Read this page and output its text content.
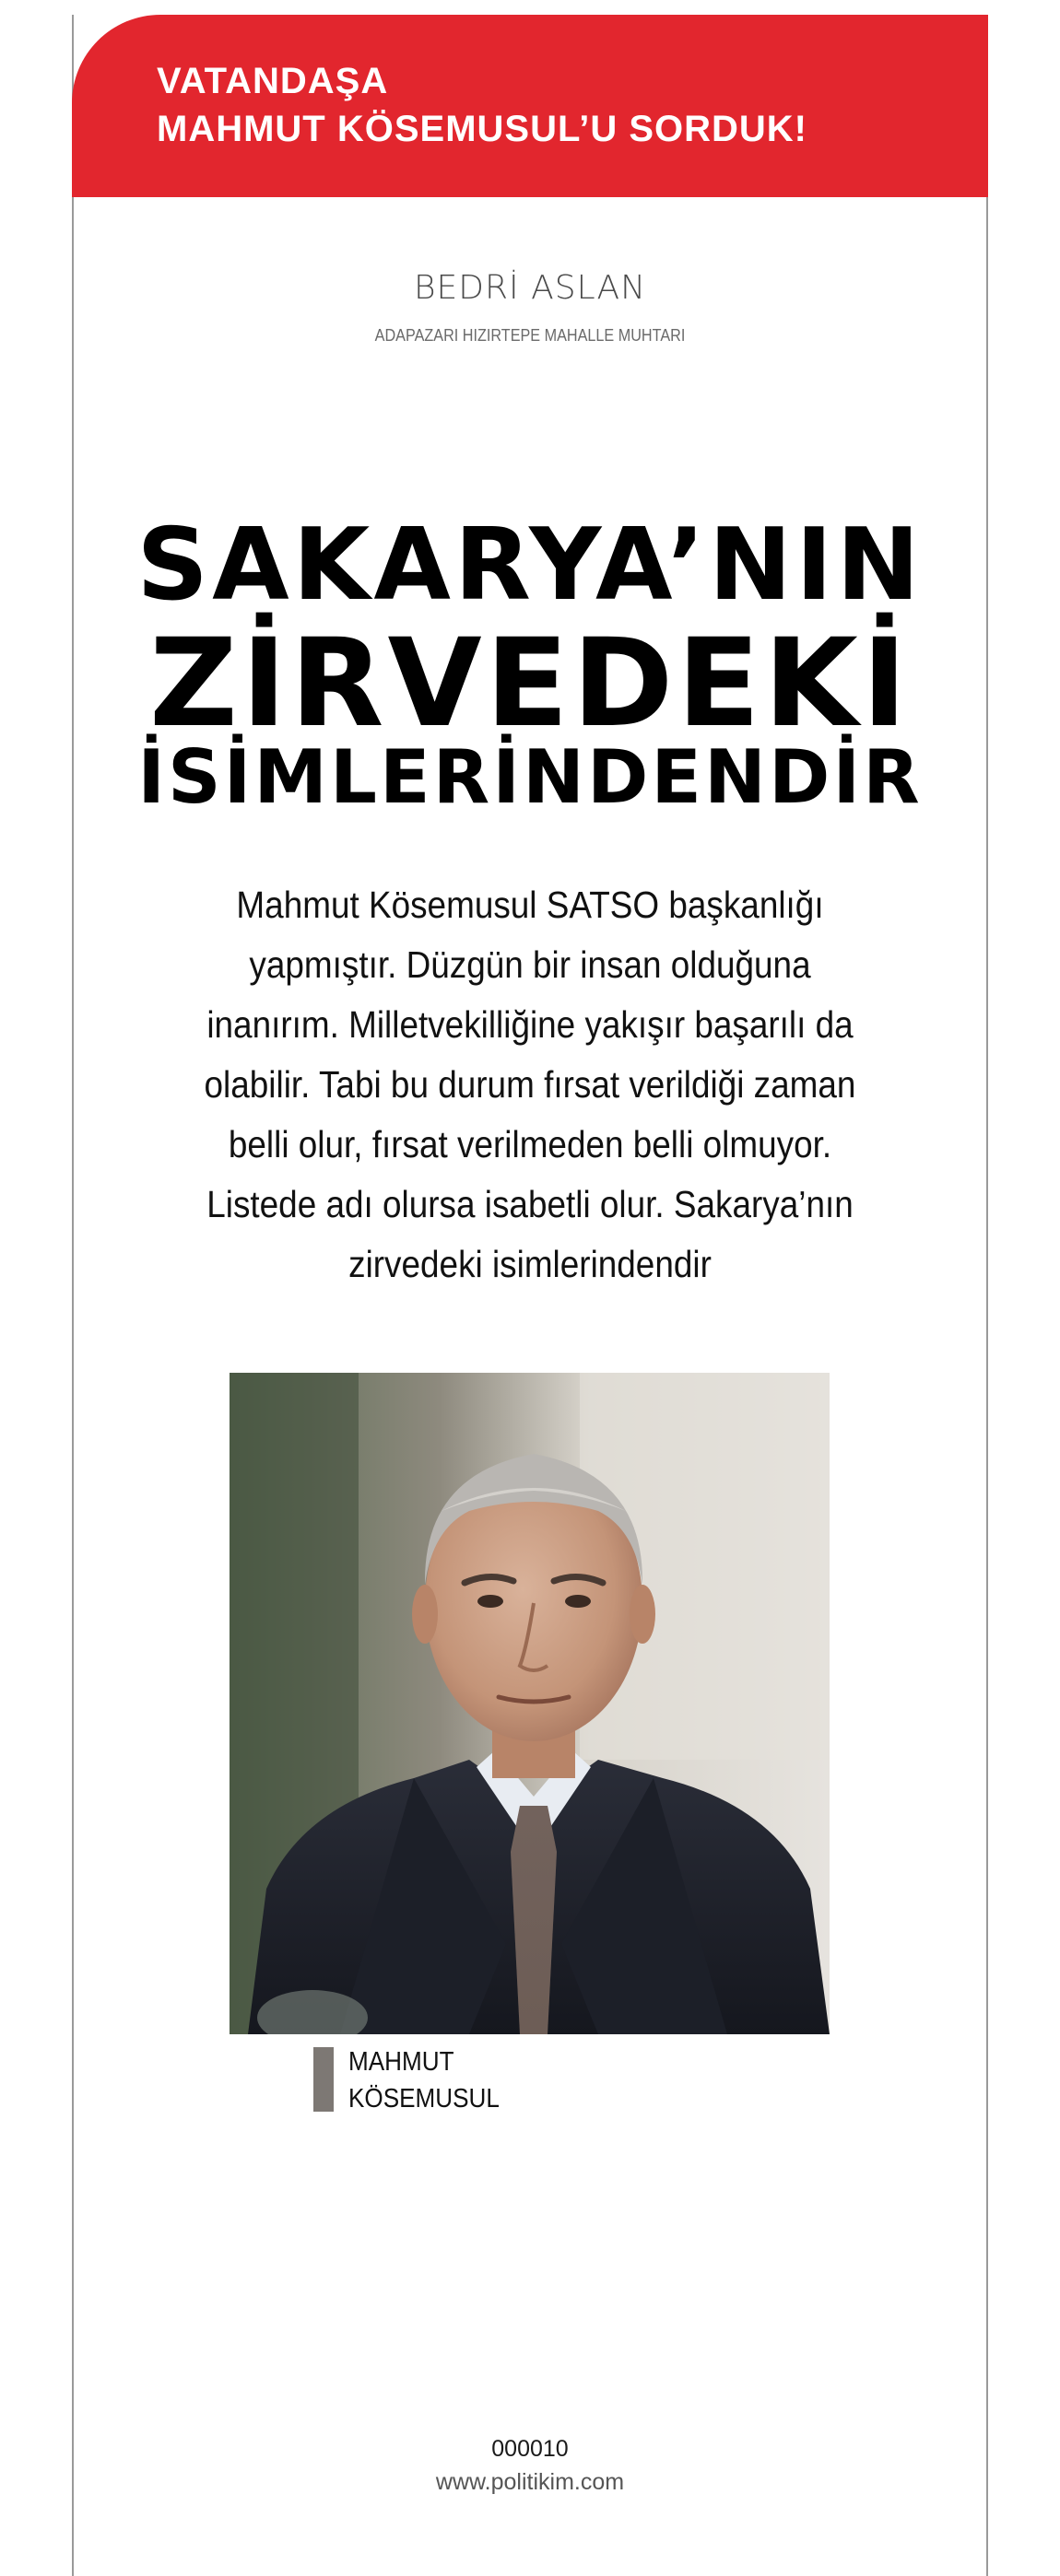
VATANDAŞA
MAHMUT KÖSEMUSUL’U SORDUK!
BEDRİ ASLAN
ADAPAZARI HIZIRTEPE MAHALLE MUHTARI
SAKARYA’NIN
ZİRVEDEKİ
İSİMLERİNDENDİR
Mahmut Kösemusul SATSO başkanlığı
yapmıştır. Düzgün bir insan olduğuna
inanırım. Milletvekilliğine yakışır başarılı da
olabilir. Tabi bu durum fırsat verildiği zaman
belli olur, fırsat verilmeden belli olmuyor.
Listede adı olursa isabetli olur. Sakarya’nın
zirvedeki isimlerindendir
MAHMUT
KÖSEMUSUL
000010
www.politikim.com
